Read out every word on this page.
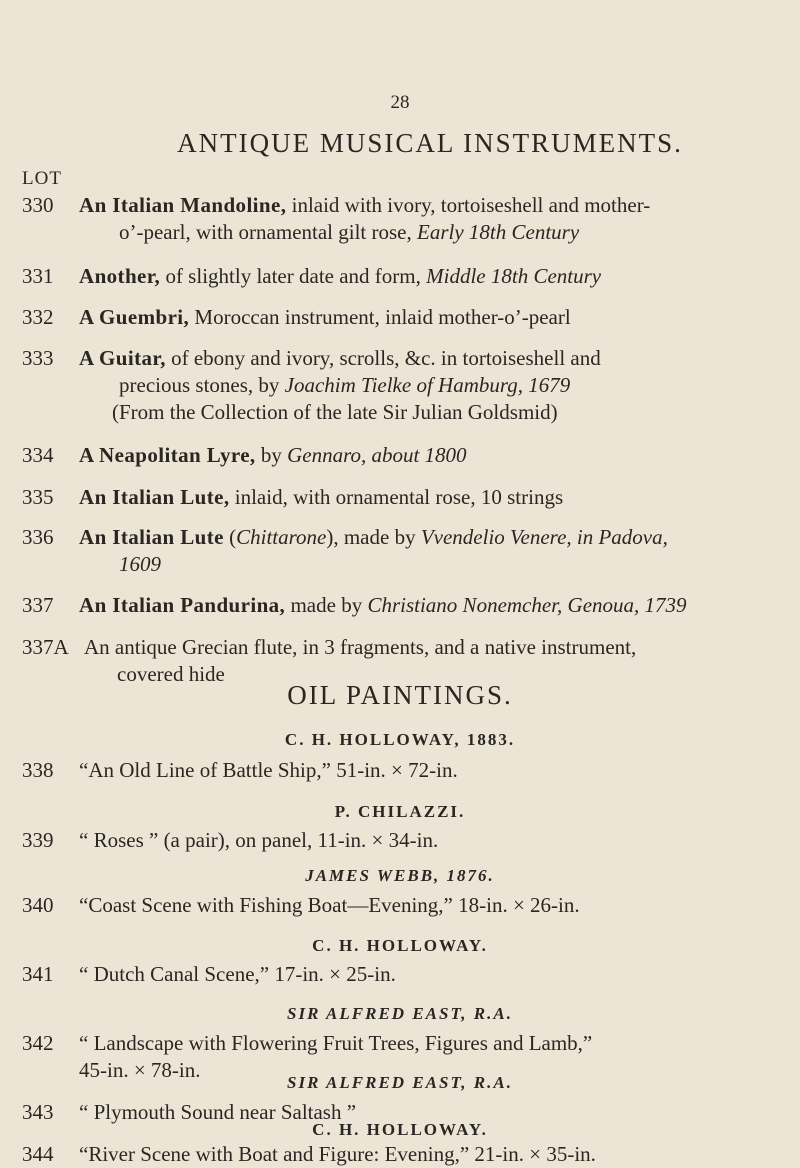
28
ANTIQUE MUSICAL INSTRUMENTS.
LOT
330 An Italian Mandoline, inlaid with ivory, tortoiseshell and mother-
o’-pearl, with ornamental gilt rose, Early 18th Century
331 Another, of slightly later date and form, Middle 18th Century
332 A Guembri, Moroccan instrument, inlaid mother-o’-pearl
333 A Guitar, of ebony and ivory, scrolls, &c. in tortoiseshell and
precious stones, by Joachim Tielke of Hamburg, 1679
(From the Collection of the late Sir Julian Goldsmid)
334 A Neapolitan Lyre, by Gennaro, about 1800
335 An Italian Lute, inlaid, with ornamental rose, 10 strings
336 An Italian Lute (Chittarone), made by Vvendelio Venere, in Padova,
1609
337 An Italian Pandurina, made by Christiano Nonemcher, Genoua, 1739
337A An antique Grecian flute, in 3 fragments, and a native instrument,
covered hide
OIL PAINTINGS.
C. H. HOLLOWAY, 1883.
338 “An Old Line of Battle Ship,” 51-in. × 72-in.
P. CHILAZZI.
339 “ Roses ” (a pair), on panel, 11-in. × 34-in.
JAMES WEBB, 1876.
340 “Coast Scene with Fishing Boat—Evening,” 18-in. × 26-in.
C. H. HOLLOWAY.
341 “ Dutch Canal Scene,” 17-in. × 25-in.
SIR ALFRED EAST, R.A.
342 “ Landscape with Flowering Fruit Trees, Figures and Lamb,”
45-in. × 78-in.
SIR ALFRED EAST, R.A.
343 “ Plymouth Sound near Saltash ”
C. H. HOLLOWAY.
344 “River Scene with Boat and Figure: Evening,” 21-in. × 35-in.
